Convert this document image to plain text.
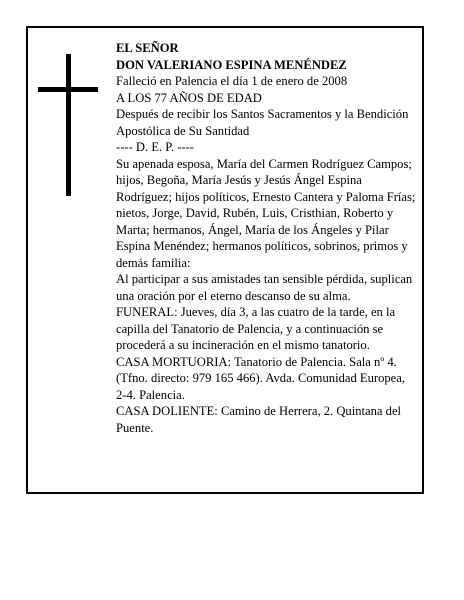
EL SEÑOR

DON VALERIANO ESPINA MENÉNDEZ

Falleció en Palencia el día 1 de enero de 2008

A LOS 77 AÑOS DE EDAD

Después de recibir los Santos Sacramentos y la Bendición Apostólica de Su Santidad

---- D. E. P. ----

Su apenada esposa, María del Carmen Rodríguez Campos; hijos, Begoña, María Jesús y Jesús Ángel Espina Rodríguez; hijos políticos, Ernesto Cantera y Paloma Frías; nietos, Jorge, David, Rubén, Luis, Cristhian, Roberto y Marta; hermanos, Ángel, María de los Ángeles y Pilar Espina Menéndez; hermanos políticos, sobrinos, primos y demás familia:

Al participar a sus amistades tan sensible pérdida, suplican una oración por el eterno descanso de su alma.

FUNERAL: Jueves, día 3, a las cuatro de la tarde, en la capilla del Tanatorio de Palencia, y a continuación se procederá a su incineración en el mismo tanatorio.

CASA MORTUORIA: Tanatorio de Palencia. Sala nº 4. (Tfno. directo: 979 165 466). Avda. Comunidad Europea, 2-4. Palencia.

CASA DOLIENTE: Camino de Herrera, 2. Quintana del Puente.
